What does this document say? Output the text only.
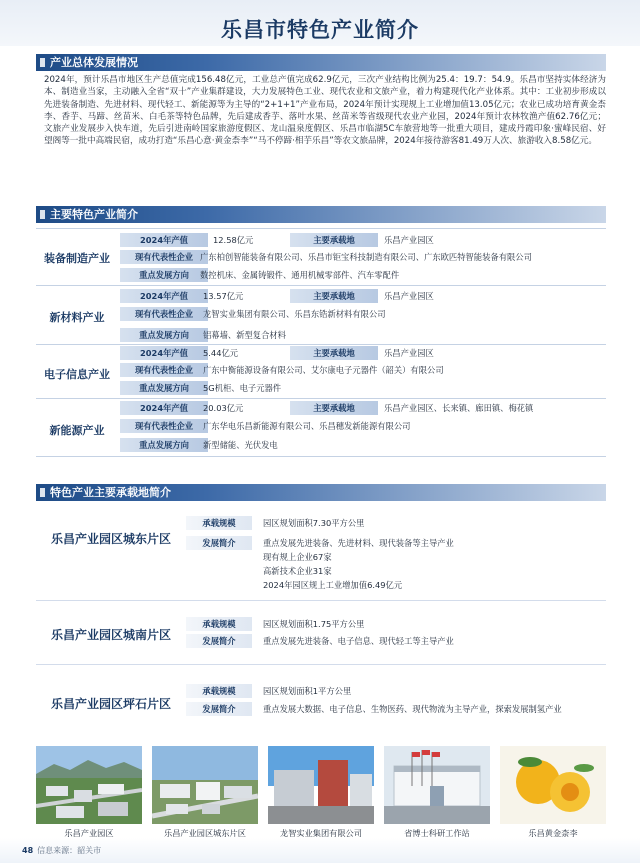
乐昌市特色产业简介
产业总体发展情况
2024年，预计乐昌市地区生产总值完成156.48亿元，工业总产值完成62.9亿元，三次产业结构比例为25.4：19.7：54.9。乐昌市坚持实体经济为本、制造业当家，主动融入全省“双十”产业集群建设，大力发展特色工业、现代农业和文旅产业，着力构建现代化产业体系。其中：工业初步形成以先进装备制造、先进材料、现代轻工、新能源等为主导的“2+1+1”产业布局，2024年预计实现规上工业增加值13.05亿元；农业已成功培育黄金柰李、香芋、马蹄、丝苗米、白毛茶等特色品牌，先后建成香芋、落叶水果、丝苗米等省级现代农业产业园，2024年预计农林牧渔产值62.76亿元；文旅产业发展步入快车道，先后引进南岭国家旅游度假区、龙山温泉度假区、乐昌市临湖5C车旅营地等一批重大项目，建成丹霞印象·蜜峰民宿、好望阁等一批中高端民宿，成功打造“乐昌心意·黄金柰李”“马不停蹄·相芋乐昌”等农文旅品牌，2024年接待游客81.49万人次、旅游收入8.58亿元。
主要特色产业简介
装备制造产业
2024年产值	12.58亿元	主要承载地	乐昌产业园区
现有代表性企业 广东柏创智能装备有限公司、乐昌市钜宝科技制造有限公司、广东欧匹特智能装备有限公司
重点发展方向	数控机床、金属铸锻件、通用机械零部件、汽车零配件
新材料产业
2024年产值	13.57亿元	主要承载地	乐昌产业园区
现有代表性企业	龙智实业集团有限公司、乐昌东锆新材料有限公司
重点发展方向	铝幕墙、新型复合材料
电子信息产业
2024年产值	5.44亿元	主要承载地	乐昌产业园区
现有代表性企业	广东中衡能源设备有限公司、艾尔康电子元器件（韶关）有限公司
重点发展方向	5G机柜、电子元器件
新能源产业
2024年产值	20.03亿元	主要承载地	乐昌产业园区、长来镇、廊田镇、梅花镇
现有代表性企业	广东华电乐昌新能源有限公司、乐昌穗发新能源有限公司
重点发展方向	新型储能、光伏发电
特色产业主要承载地简介
乐昌产业园区城东片区
承载规模	园区规划面积7.30平方公里
发展简介	重点发展先进装备、先进材料、现代装备等主导产业
现有规上企业67家
高新技术企业31家
2024年园区规上工业增加值6.49亿元
乐昌产业园区城南片区
承载规模	园区规划面积1.75平方公里
发展简介	重点发展先进装备、电子信息、现代轻工等主导产业
乐昌产业园区坪石片区
承载规模	园区规划面积1平方公里
发展简介	重点发展大数据、电子信息、生物医药、现代物流为主导产业，探索发展制氢产业
乐昌产业园区	乐昌产业园区城东片区	龙智实业集团有限公司	省博士科研工作站	乐昌黄金柰李
48 信息来源：韶关市
